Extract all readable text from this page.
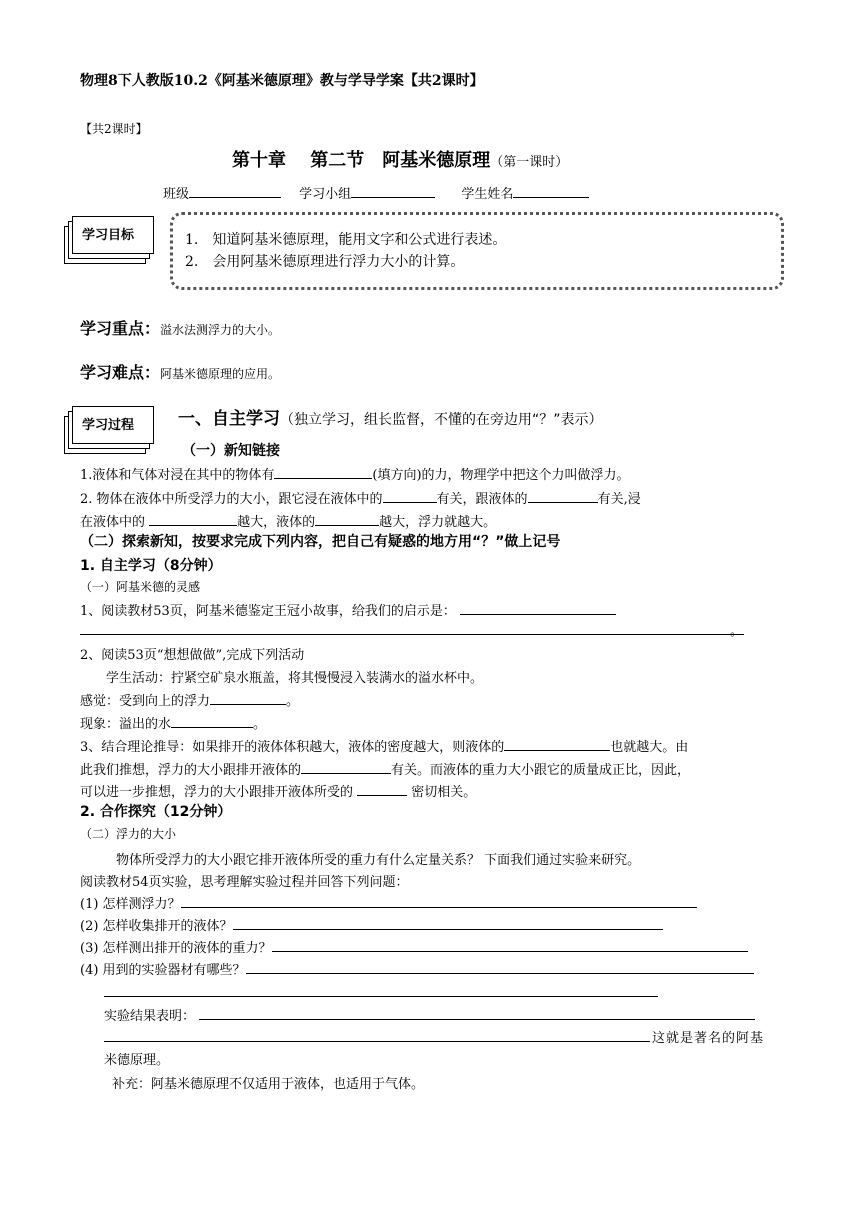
物理8下人教版10.2《阿基米德原理》教与学导学案【共2课时】
【共2课时】
第十章　 第二节　阿基米德原理（第一课时）
班级	学习小组	学生姓名
学习目标	1.　知道阿基米德原理，能用文字和公式进行表述。
2.　会用阿基米德原理进行浮力大小的计算。
学习重点：溢水法测浮力的大小。
学习难点：阿基米德原理的应用。
学习过程	一、自主学习（独立学习，组长监督，不懂的在旁边用“？”表示）
（一）新知链接
1.液体和气体对浸在其中的物体有	(填方向)的力，物理学中把这个力叫做浮力。
2. 物体在液体中所受浮力的大小，跟它浸在液体中的	有关，跟液体的	有关,浸
在液体中的	越大，液体的	越大，浮力就越大。
（二）探索新知，按要求完成下列内容，把自己有疑惑的地方用“？”做上记号
1. 自主学习（8分钟）
（一）阿基米德的灵感
1、阅读教材53页，阿基米德鉴定王冠小故事，给我们的启示是：
。
2、阅读53页“想想做做”,完成下列活动
学生活动：拧紧空矿泉水瓶盖，将其慢慢浸入装满水的溢水杯中。
感觉：受到向上的浮力	。
现象：溢出的水	。
3、结合理论推导：如果排开的液体体积越大，液体的密度越大，则液体的	也就越大。由
此我们推想，浮力的大小跟排开液体的	有关。而液体的重力大小跟它的质量成正比，因此，
可以进一步推想，浮力的大小跟排开液体所受的	密切相关。
2. 合作探究（12分钟）
（二）浮力的大小
物体所受浮力的大小跟它排开液体所受的重力有什么定量关系？ 下面我们通过实验来研究。
阅读教材54页实验，思考理解实验过程并回答下列问题：
(1) 怎样测浮力？
(2) 怎样收集排开的液体？
(3) 怎样测出排开的液体的重力？
(4) 用到的实验器材有哪些？
实验结果表明：
这就是著名的阿基
米德原理。
补充：阿基米德原理不仅适用于液体，也适用于气体。
